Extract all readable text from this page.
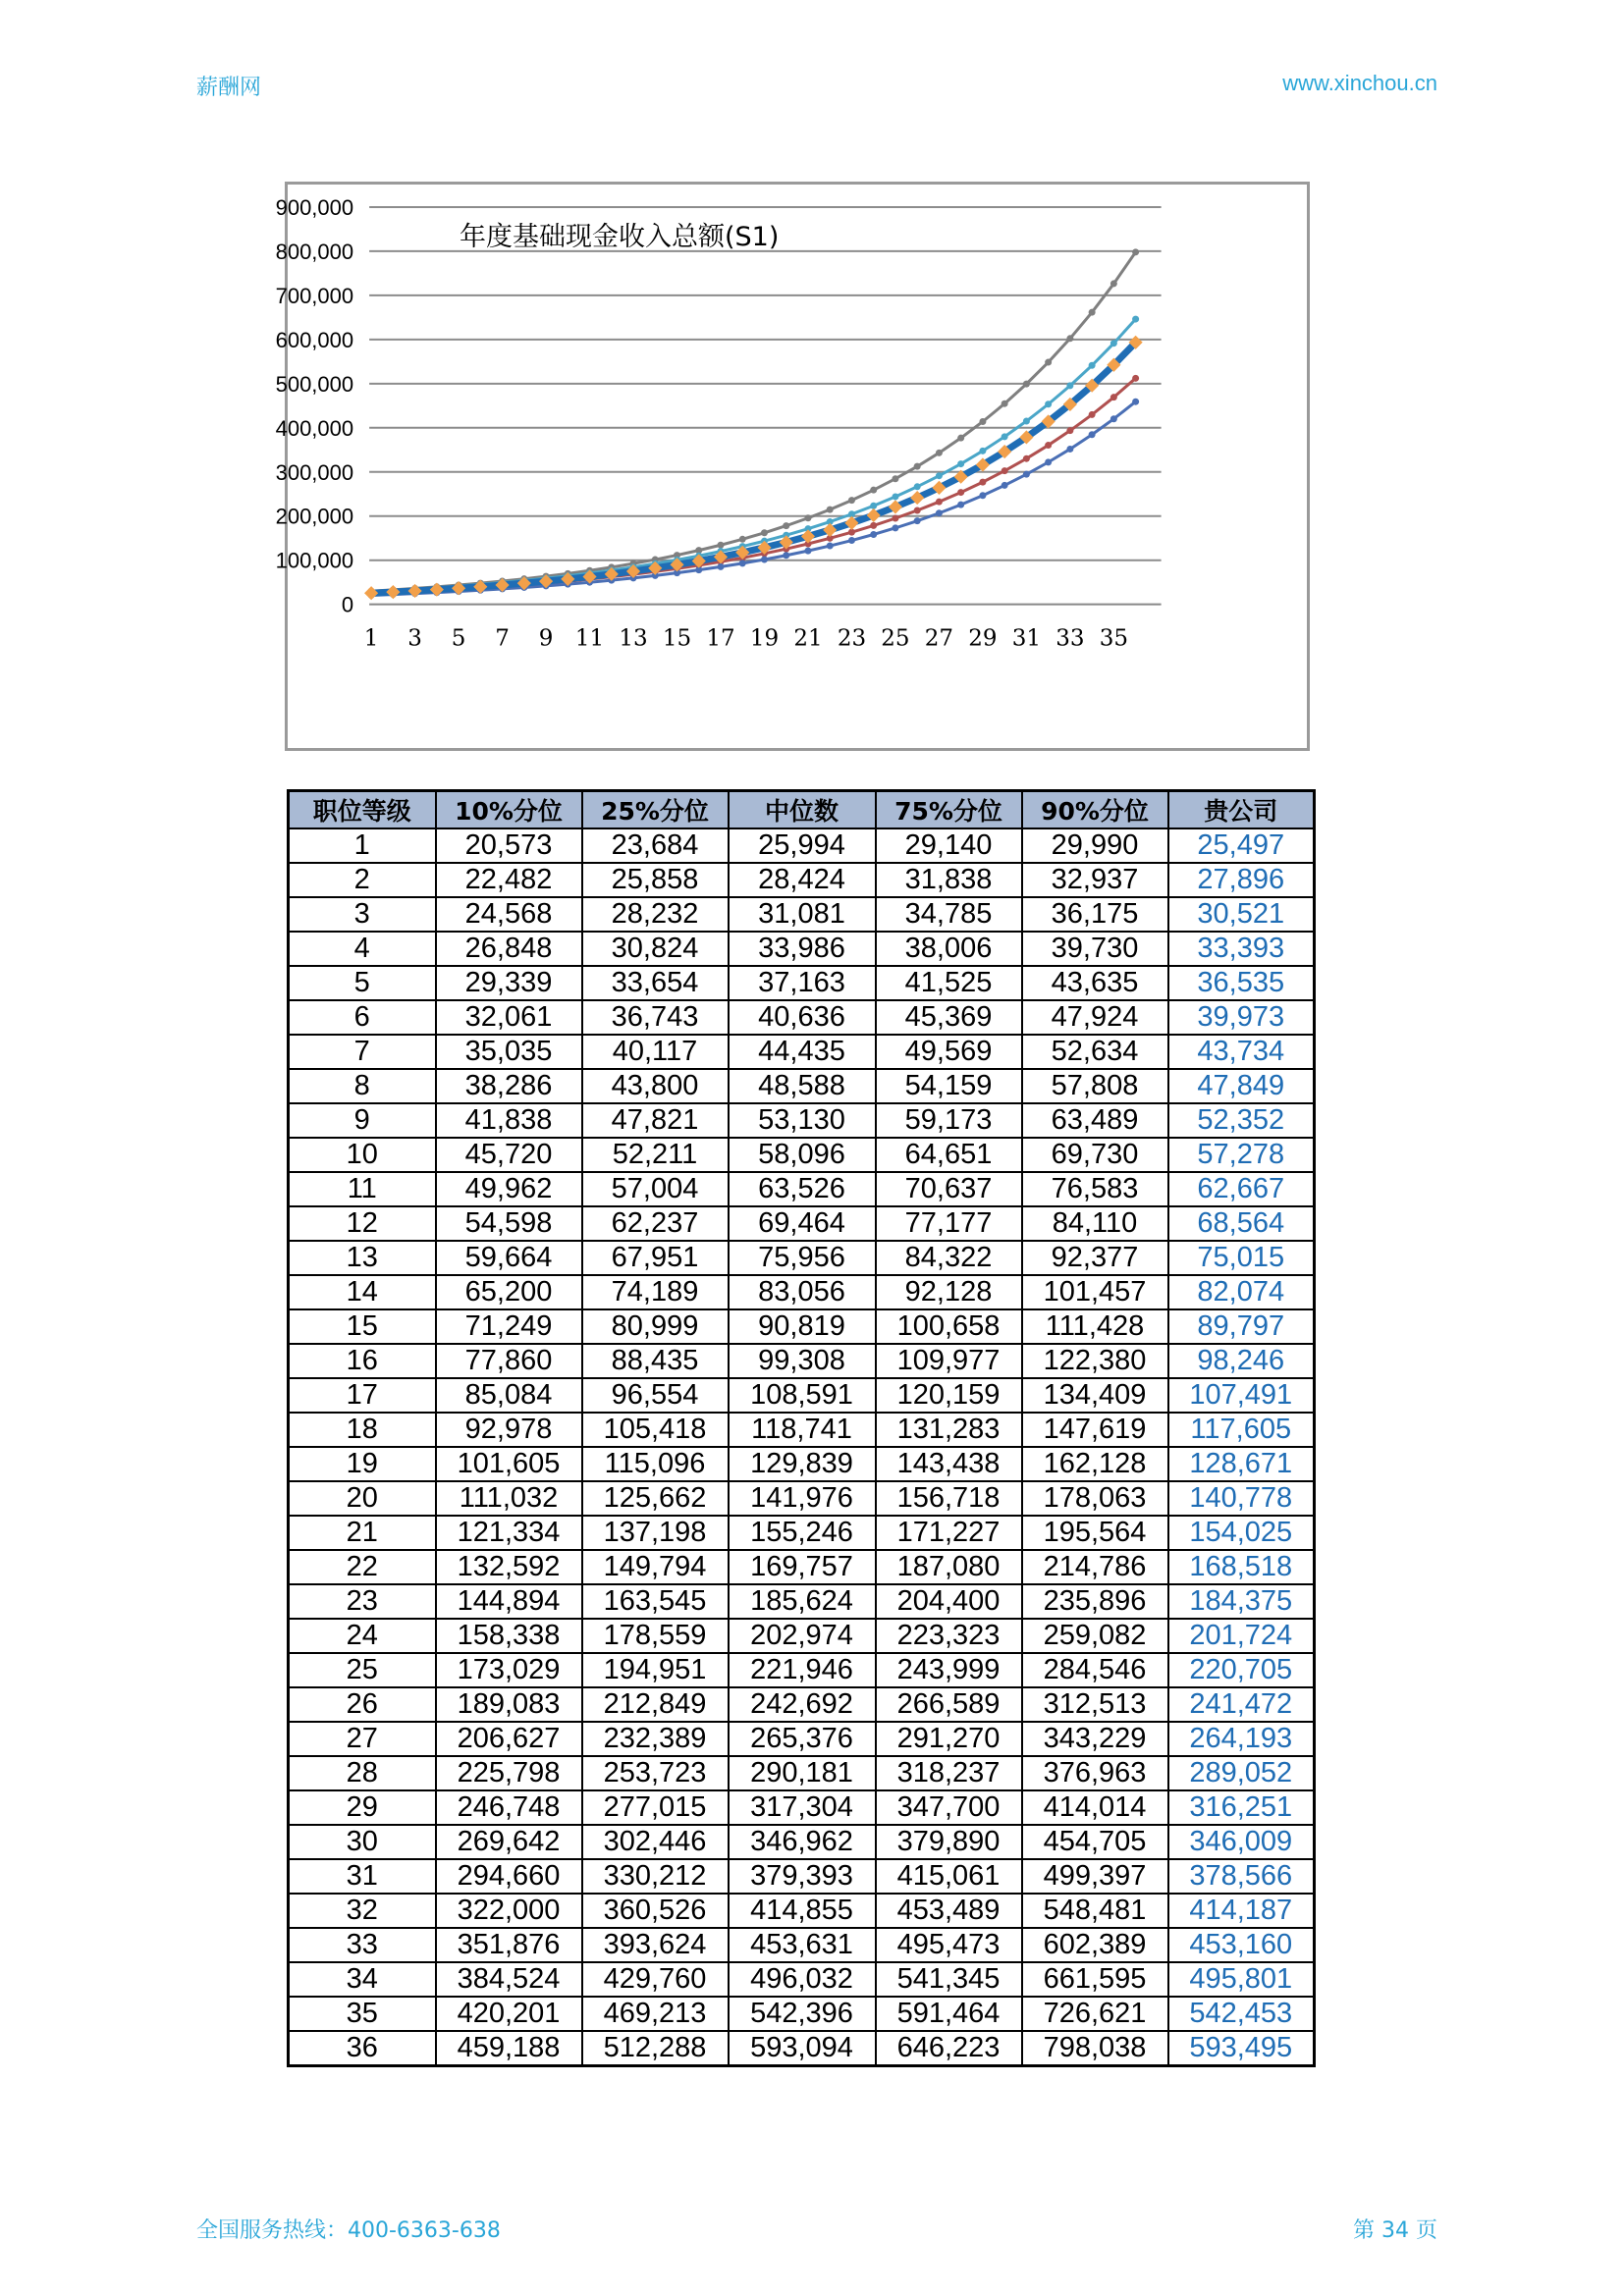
薪酬网	www.xinchou.cn
0
100,000
200,000
300,000
400,000
500,000
600,000
700,000
800,000
900,000
1 3 5 7 9 11 13 15 17 19 21 23 25 27 29 31 33 35
年度基础现金收入总额(S1)
职位等级	10%分位	25%分位	中位数	75%分位	90%分位	贵公司
1	20,573	23,684	25,994	29,140	29,990	25,497
2	22,482	25,858	28,424	31,838	32,937	27,896
3	24,568	28,232	31,081	34,785	36,175	30,521
4	26,848	30,824	33,986	38,006	39,730	33,393
5	29,339	33,654	37,163	41,525	43,635	36,535
6	32,061	36,743	40,636	45,369	47,924	39,973
7	35,035	40,117	44,435	49,569	52,634	43,734
8	38,286	43,800	48,588	54,159	57,808	47,849
9	41,838	47,821	53,130	59,173	63,489	52,352
10	45,720	52,211	58,096	64,651	69,730	57,278
11	49,962	57,004	63,526	70,637	76,583	62,667
12	54,598	62,237	69,464	77,177	84,110	68,564
13	59,664	67,951	75,956	84,322	92,377	75,015
14	65,200	74,189	83,056	92,128	101,457	82,074
15	71,249	80,999	90,819	100,658	111,428	89,797
16	77,860	88,435	99,308	109,977	122,380	98,246
17	85,084	96,554	108,591	120,159	134,409	107,491
18	92,978	105,418	118,741	131,283	147,619	117,605
19	101,605	115,096	129,839	143,438	162,128	128,671
20	111,032	125,662	141,976	156,718	178,063	140,778
21	121,334	137,198	155,246	171,227	195,564	154,025
22	132,592	149,794	169,757	187,080	214,786	168,518
23	144,894	163,545	185,624	204,400	235,896	184,375
24	158,338	178,559	202,974	223,323	259,082	201,724
25	173,029	194,951	221,946	243,999	284,546	220,705
26	189,083	212,849	242,692	266,589	312,513	241,472
27	206,627	232,389	265,376	291,270	343,229	264,193
28	225,798	253,723	290,181	318,237	376,963	289,052
29	246,748	277,015	317,304	347,700	414,014	316,251
30	269,642	302,446	346,962	379,890	454,705	346,009
31	294,660	330,212	379,393	415,061	499,397	378,566
32	322,000	360,526	414,855	453,489	548,481	414,187
33	351,876	393,624	453,631	495,473	602,389	453,160
34	384,524	429,760	496,032	541,345	661,595	495,801
35	420,201	469,213	542,396	591,464	726,621	542,453
36	459,188	512,288	593,094	646,223	798,038	593,495
全国服务热线：400-6363-638	第 34 页
